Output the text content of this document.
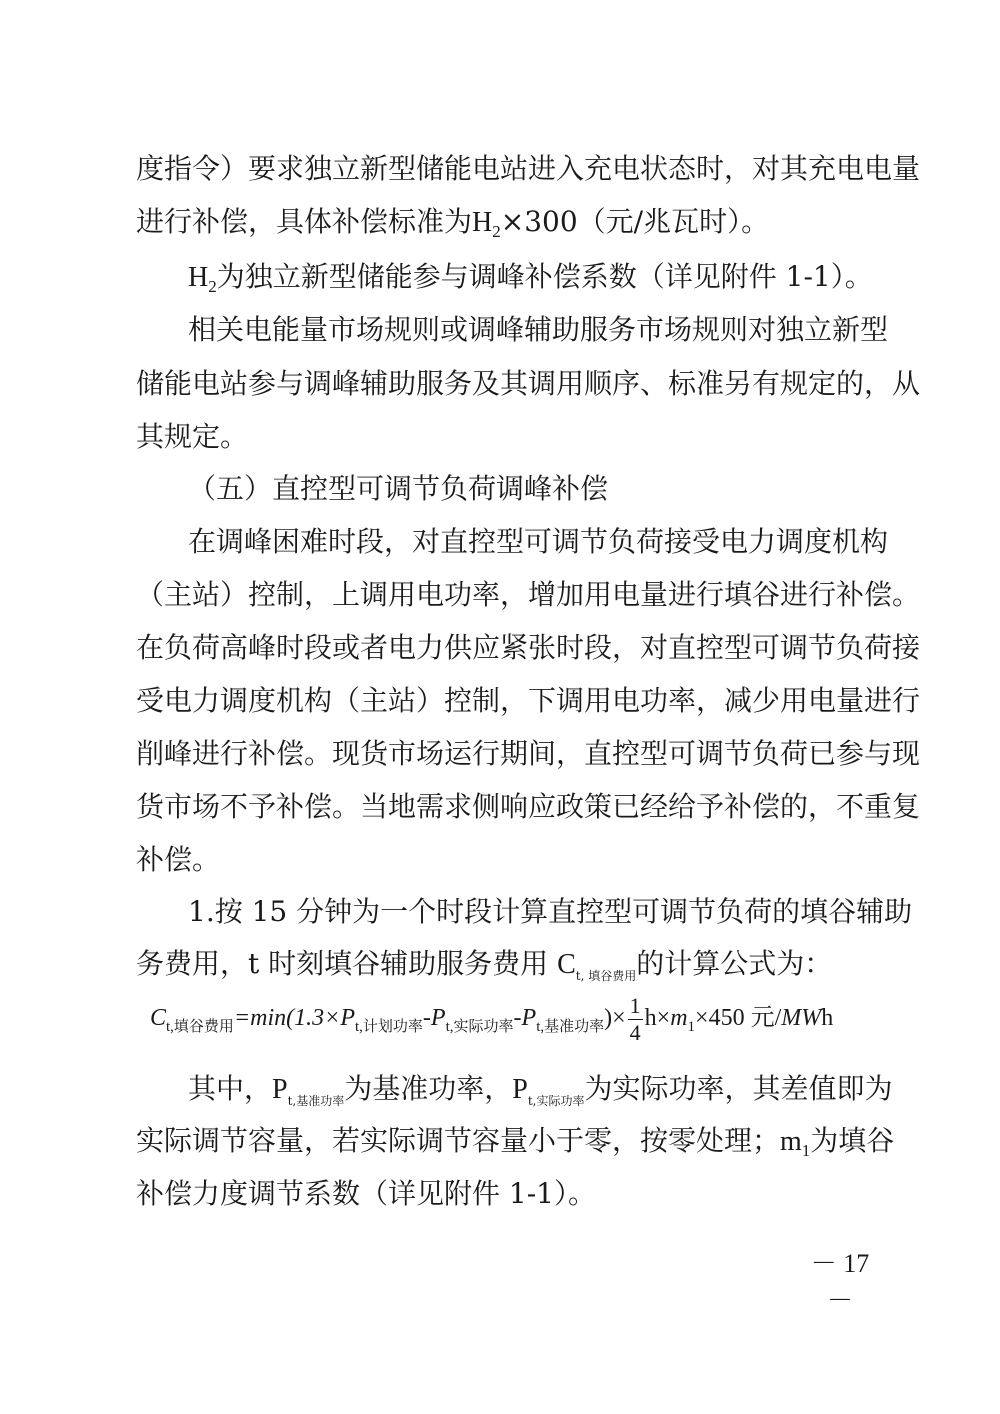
度指令）要求独立新型储能电站进入充电状态时，对其充电电量
进行补偿，具体补偿标准为$H_2\times 300$（元/兆瓦时）。
$H_2$为独立新型储能参与调峰补偿系数（详见附件 1-1）。
相关电能量市场规则或调峰辅助服务市场规则对独立新型
储能电站参与调峰辅助服务及其调用顺序、标准另有规定的，从
其规定。
（五）直控型可调节负荷调峰补偿
在调峰困难时段，对直控型可调节负荷接受电力调度机构
（主站）控制，上调用电功率，增加用电量进行填谷进行补偿。
在负荷高峰时段或者电力供应紧张时段，对直控型可调节负荷接
受电力调度机构（主站）控制，下调用电功率，减少用电量进行
削峰进行补偿。现货市场运行期间，直控型可调节负荷已参与现
货市场不予补偿。当地需求侧响应政策已经给予补偿的，不重复
补偿。
1.按 15 分钟为一个时段计算直控型可调节负荷的填谷辅助
务费用，t 时刻填谷辅助服务费用 $C_{t, 填谷费用}$的计算公式为：
$C_{t,填谷费用}=\min(1.3\times P_{t,计划功率}-P_{t,实际功率}-P_{t,基准功率})\times \frac{1}{4} h\times m_1\times 450$ 元/MWh
其中，$P_{t,基准功率}$为基准功率，$P_{t,实际功率}$为实际功率，其差值即为
实际调节容量，若实际调节容量小于零，按零处理；$m_1$为填谷
补偿力度调节系数（详见附件 1-1）。
－ 17 －
